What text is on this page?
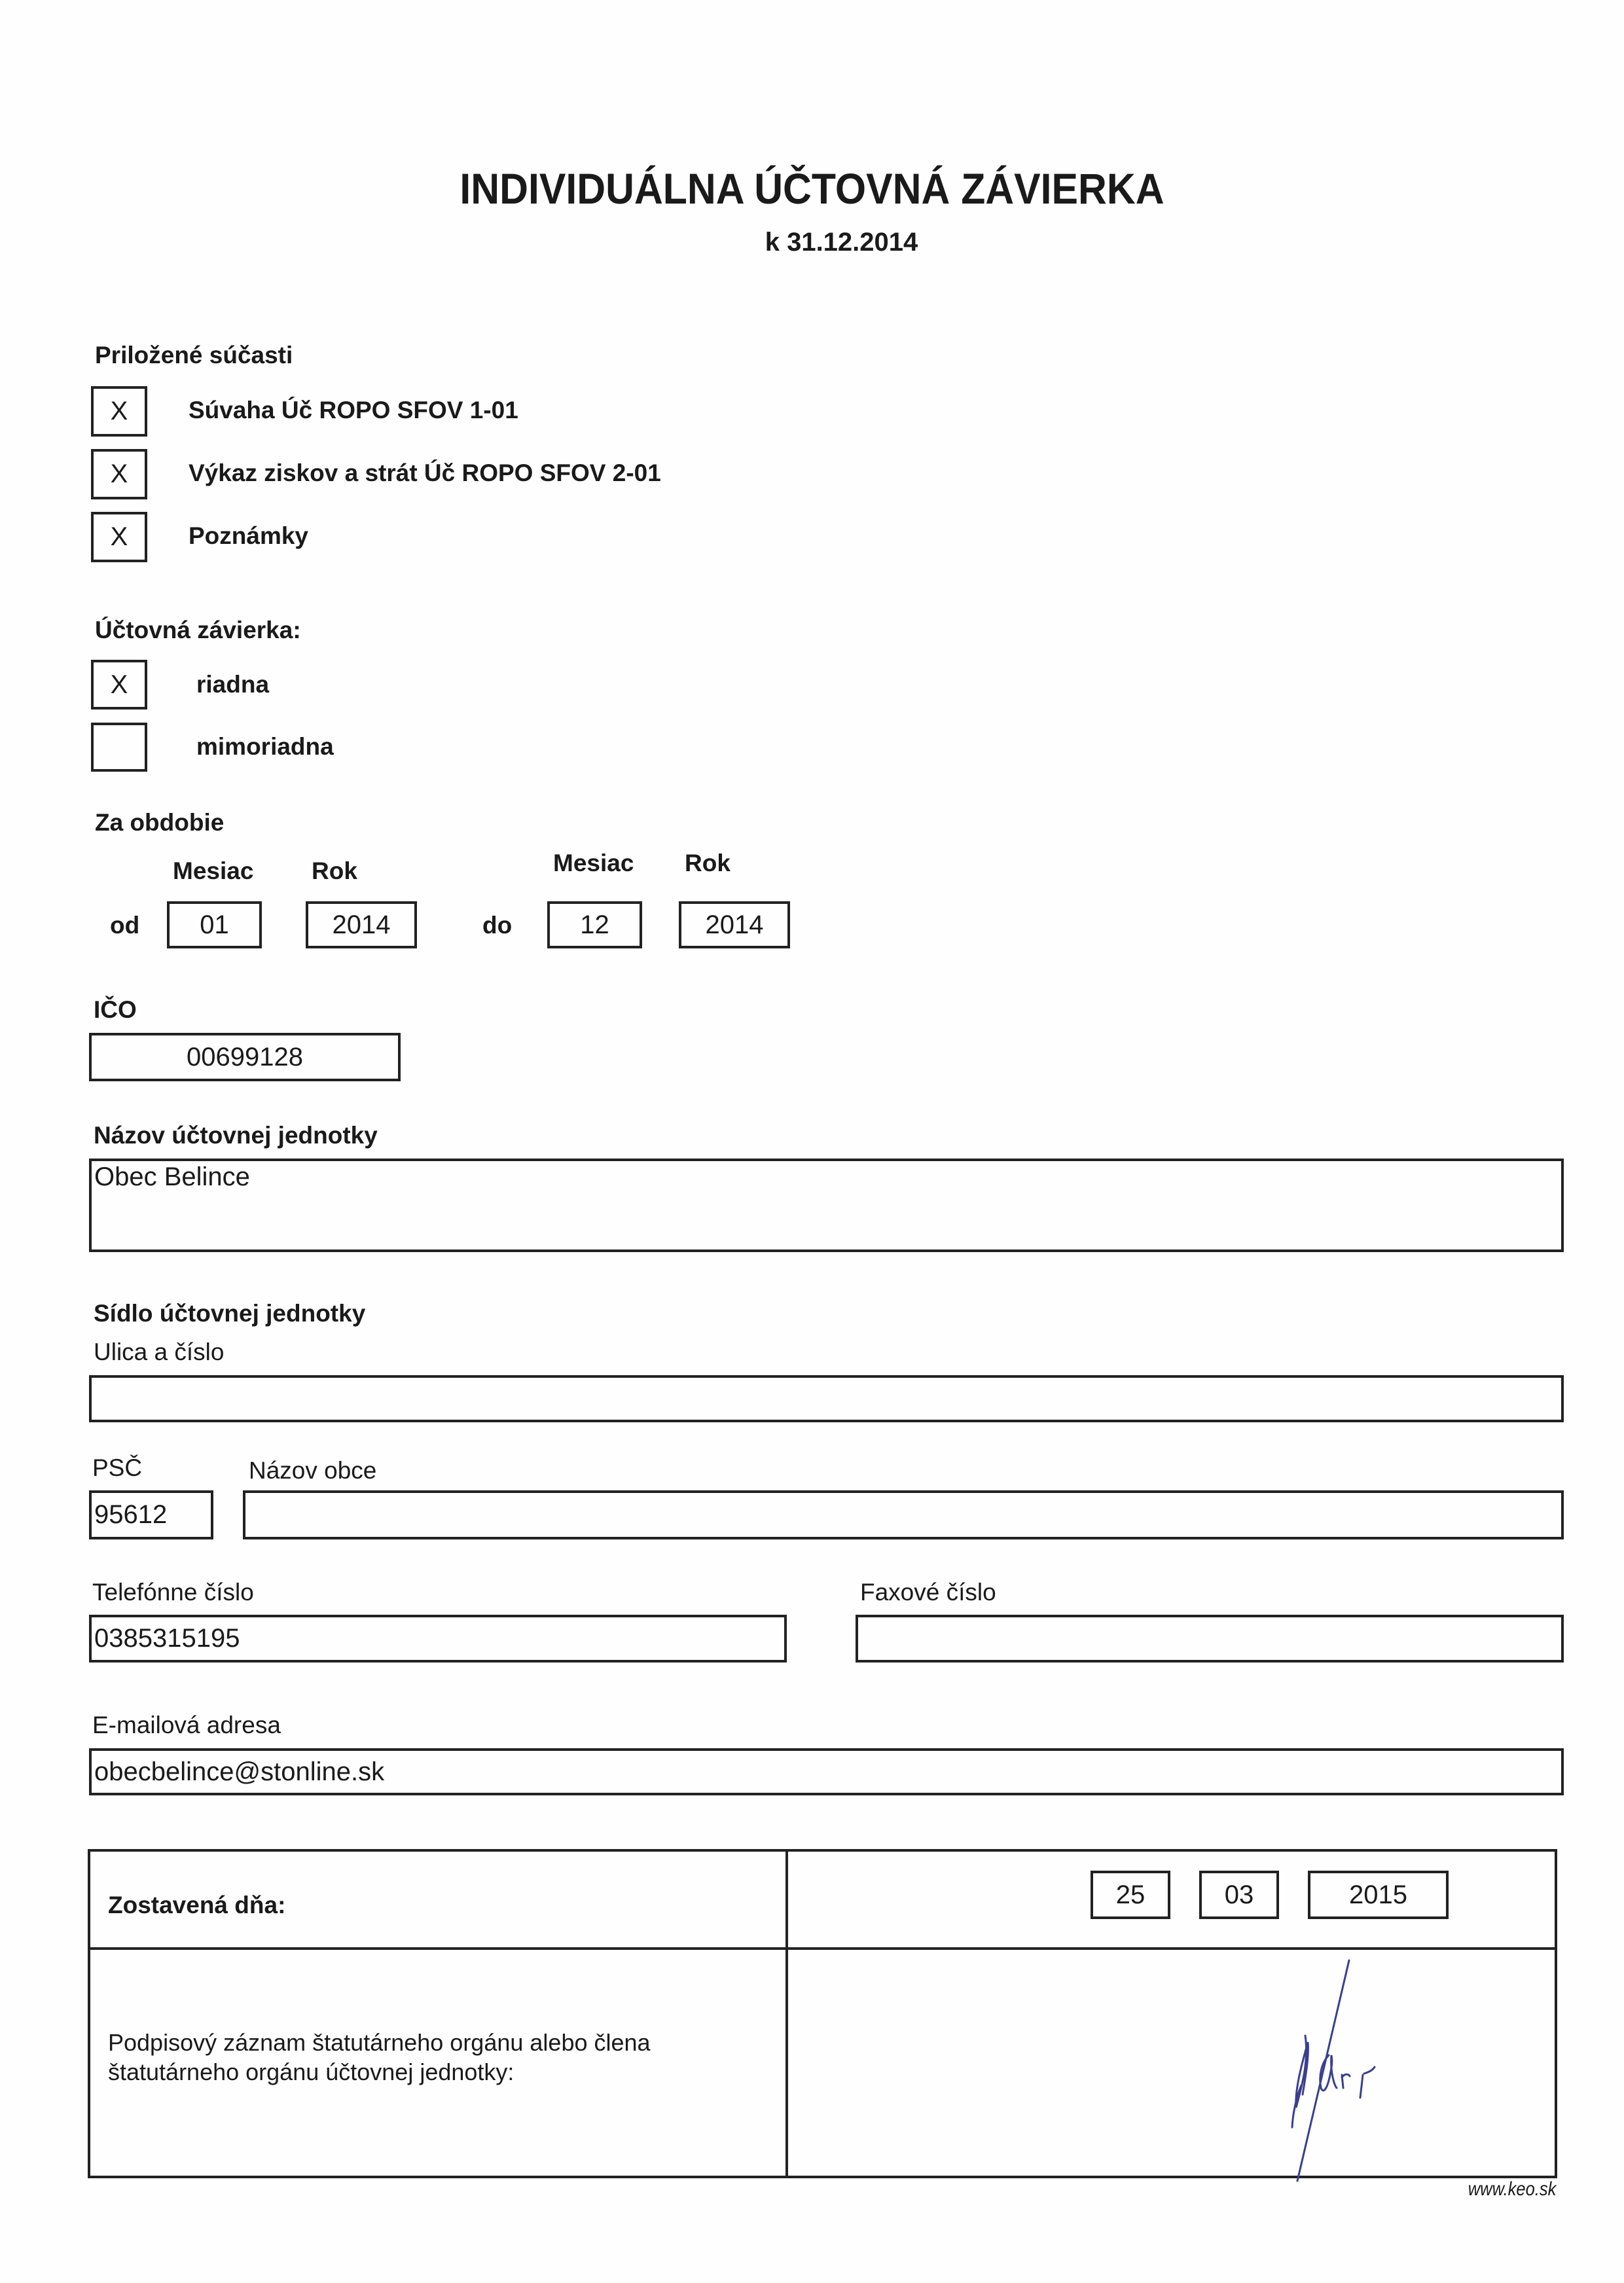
INDIVIDUÁLNA ÚČTOVNÁ ZÁVIERKA
k 31.12.2014
Priložené súčasti
X	Súvaha Úč ROPO SFOV 1-01
X	Výkaz ziskov a strát Úč ROPO SFOV 2-01
X	Poznámky
Účtovná závierka:
X	riadna
mimoriadna
Za obdobie
Mesiac Rok	Mesiac Rok
od	01	2014	do	12	2014
IČO
00699128
Názov účtovnej jednotky
Obec Belince
Sídlo účtovnej jednotky
Ulica a číslo
PSČ	Názov obce
95612
Telefónne číslo	Faxové číslo
0385315195
E-mailová adresa
obecbelince@stonline.sk
Zostavená dňa:	25	03	2015
Podpisový záznam štatutárneho orgánu alebo člena
štatutárneho orgánu účtovnej jednotky:
www.keo.sk
